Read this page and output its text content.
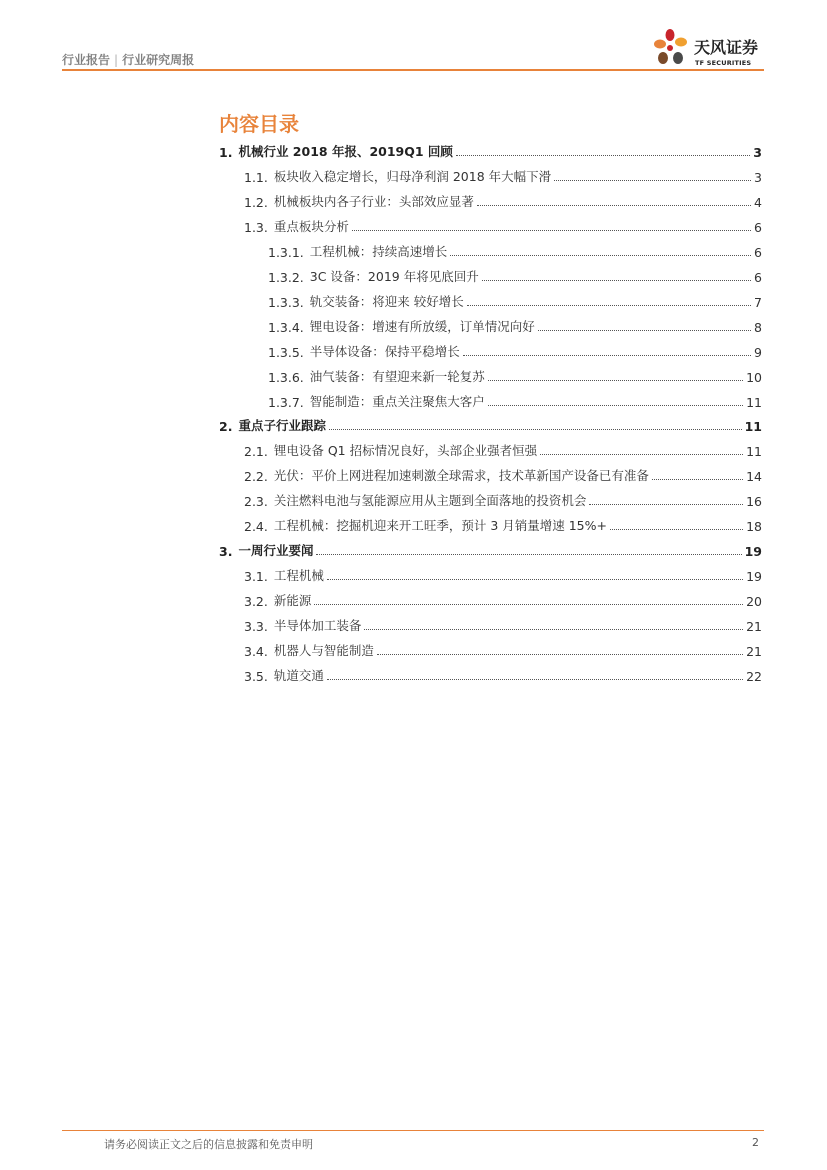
行业报告 | 行业研究周报
天风证券
TF SECURITIES
内容目录
1. 机械行业 2018 年报、2019Q1 回顾	3
1.1. 板块收入稳定增长，归母净利润 2018 年大幅下滑	3
1.2. 机械板块内各子行业：头部效应显著	4
1.3. 重点板块分析	6
1.3.1. 工程机械：持续高速增长	6
1.3.2. 3C 设备：2019 年将见底回升	6
1.3.3. 轨交装备：将迎来 较好增长	7
1.3.4. 锂电设备：增速有所放缓，订单情况向好	8
1.3.5. 半导体设备：保持平稳增长	9
1.3.6. 油气装备：有望迎来新一轮复苏	10
1.3.7. 智能制造：重点关注聚焦大客户	11
2. 重点子行业跟踪	11
2.1. 锂电设备 Q1 招标情况良好，头部企业强者恒强	11
2.2. 光伏：平价上网进程加速刺激全球需求，技术革新国产设备已有准备	14
2.3. 关注燃料电池与氢能源应用从主题到全面落地的投资机会	16
2.4. 工程机械：挖掘机迎来开工旺季，预计 3 月销量增速 15%+	18
3. 一周行业要闻	19
3.1. 工程机械	19
3.2. 新能源	20
3.3. 半导体加工装备	21
3.4. 机器人与智能制造	21
3.5. 轨道交通	22
请务必阅读正文之后的信息披露和免责申明	2
